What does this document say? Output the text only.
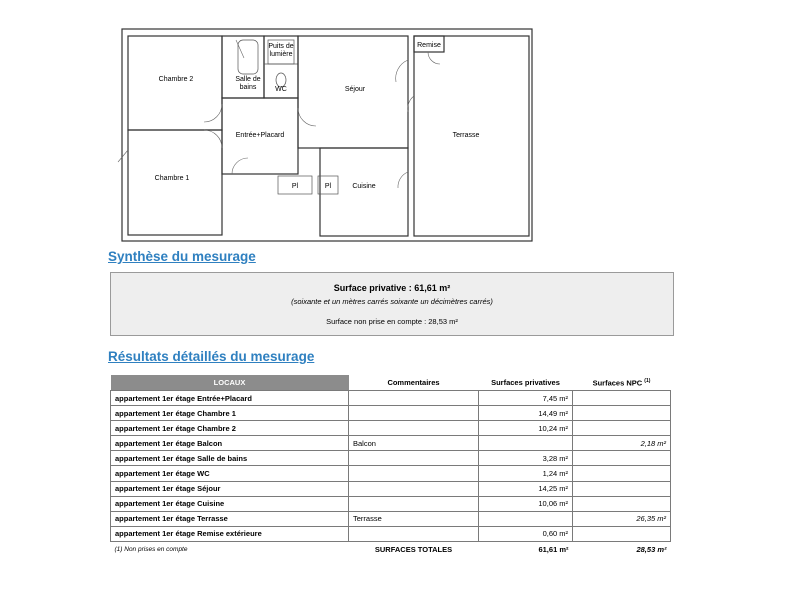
Chambre 2	Salle de
bains
Puits de
lumière
WC	Séjour
Remise
Terrasse
Entrée+Placard
Chambre 1
Pl	Pl	Cuisine
Synthèse du mesurage
Surface privative : 61,61 m²
(soixante et un mètres carrés soixante un décimètres carrés)
Surface non prise en compte : 28,53 m²
Résultats détaillés du mesurage
LOCAUX	Commentaires	Surfaces privatives	Surfaces NPC $^{(1)}$
appartement 1er étage Entrée+Placard		7,45 m²	
appartement 1er étage Chambre 1		14,49 m²	
appartement 1er étage Chambre 2		10,24 m²	
appartement 1er étage Balcon	Balcon		2,18 m²
appartement 1er étage Salle de bains		3,28 m²	
appartement 1er étage WC		1,24 m²	
appartement 1er étage Séjour		14,25 m²	
appartement 1er étage Cuisine		10,06 m²	
appartement 1er étage Terrasse	Terrasse		26,35 m²
appartement 1er étage Remise extérieure		0,60 m²	
(1) Non prises en compte	SURFACES TOTALES	61,61 m²	28,53 m²
